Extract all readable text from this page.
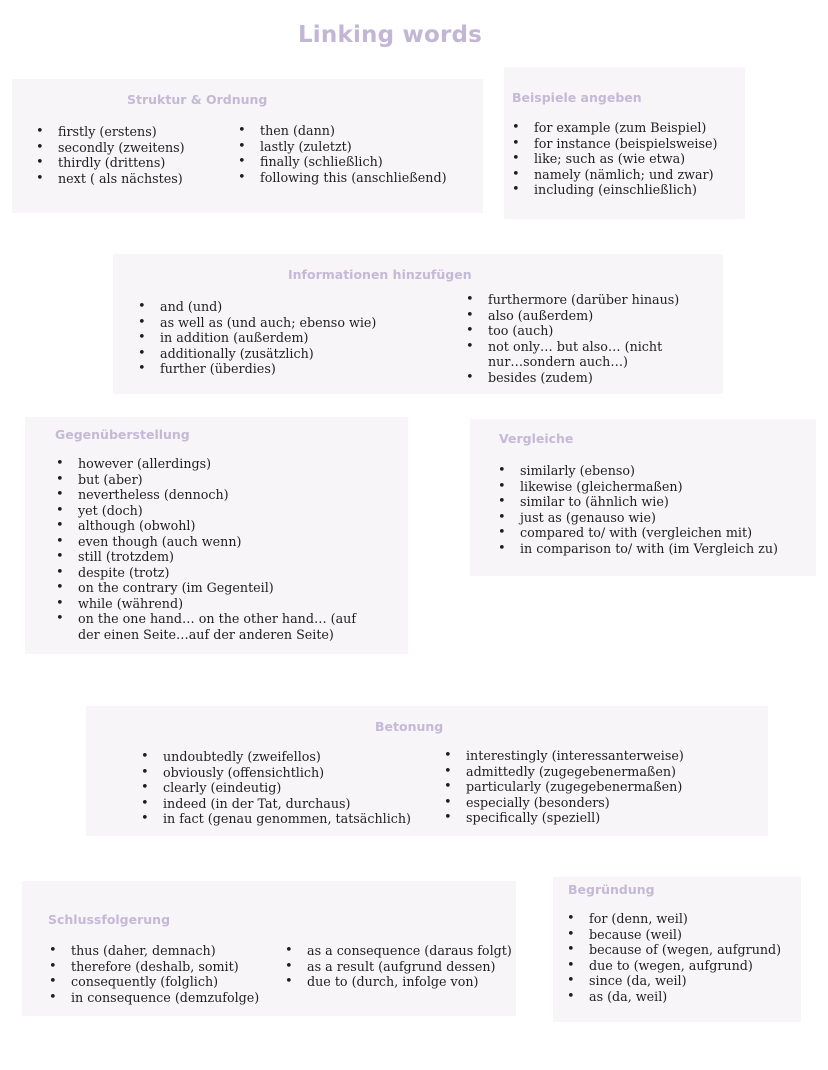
Linking words
Struktur & Ordnung
• firstly (erstens)
• secondly (zweitens)
• thirdly (drittens)
• next ( als nächstes)
• then (dann)
• lastly (zuletzt)
• finally (schließlich)
• following this (anschließend)
Beispiele angeben
• for example (zum Beispiel)
• for instance (beispielsweise)
• like; such as (wie etwa)
• namely (nämlich; und zwar)
• including (einschließlich)
Informationen hinzufügen
• and (und)
• as well as (und auch; ebenso wie)
• in addition (außerdem)
• additionally (zusätzlich)
• further (überdies)
• furthermore (darüber hinaus)
• also (außerdem)
• too (auch)
• not only… but also… (nicht nur…sondern auch…)
• besides (zudem)
Gegenüberstellung
• however (allerdings)
• but (aber)
• nevertheless (dennoch)
• yet (doch)
• although (obwohl)
• even though (auch wenn)
• still (trotzdem)
• despite (trotz)
• on the contrary (im Gegenteil)
• while (während)
• on the one hand… on the other hand… (auf der einen Seite…auf der anderen Seite)
Vergleiche
• similarly (ebenso)
• likewise (gleichermaßen)
• similar to (ähnlich wie)
• just as (genauso wie)
• compared to/ with (vergleichen mit)
• in comparison to/ with (im Vergleich zu)
Betonung
• undoubtedly (zweifellos)
• obviously (offensichtlich)
• clearly (eindeutig)
• indeed (in der Tat, durchaus)
• in fact (genau genommen, tatsächlich)
• interestingly (interessanterweise)
• admittedly (zugegebenermaßen)
• particularly (zugegebenermaßen)
• especially (besonders)
• specifically (speziell)
Schlussfolgerung
• thus (daher, demnach)
• therefore (deshalb, somit)
• consequently (folglich)
• in consequence (demzufolge)
• as a consequence (daraus folgt)
• as a result (aufgrund dessen)
• due to (durch, infolge von)
Begründung
• for (denn, weil)
• because (weil)
• because of (wegen, aufgrund)
• due to (wegen, aufgrund)
• since (da, weil)
• as (da, weil)
